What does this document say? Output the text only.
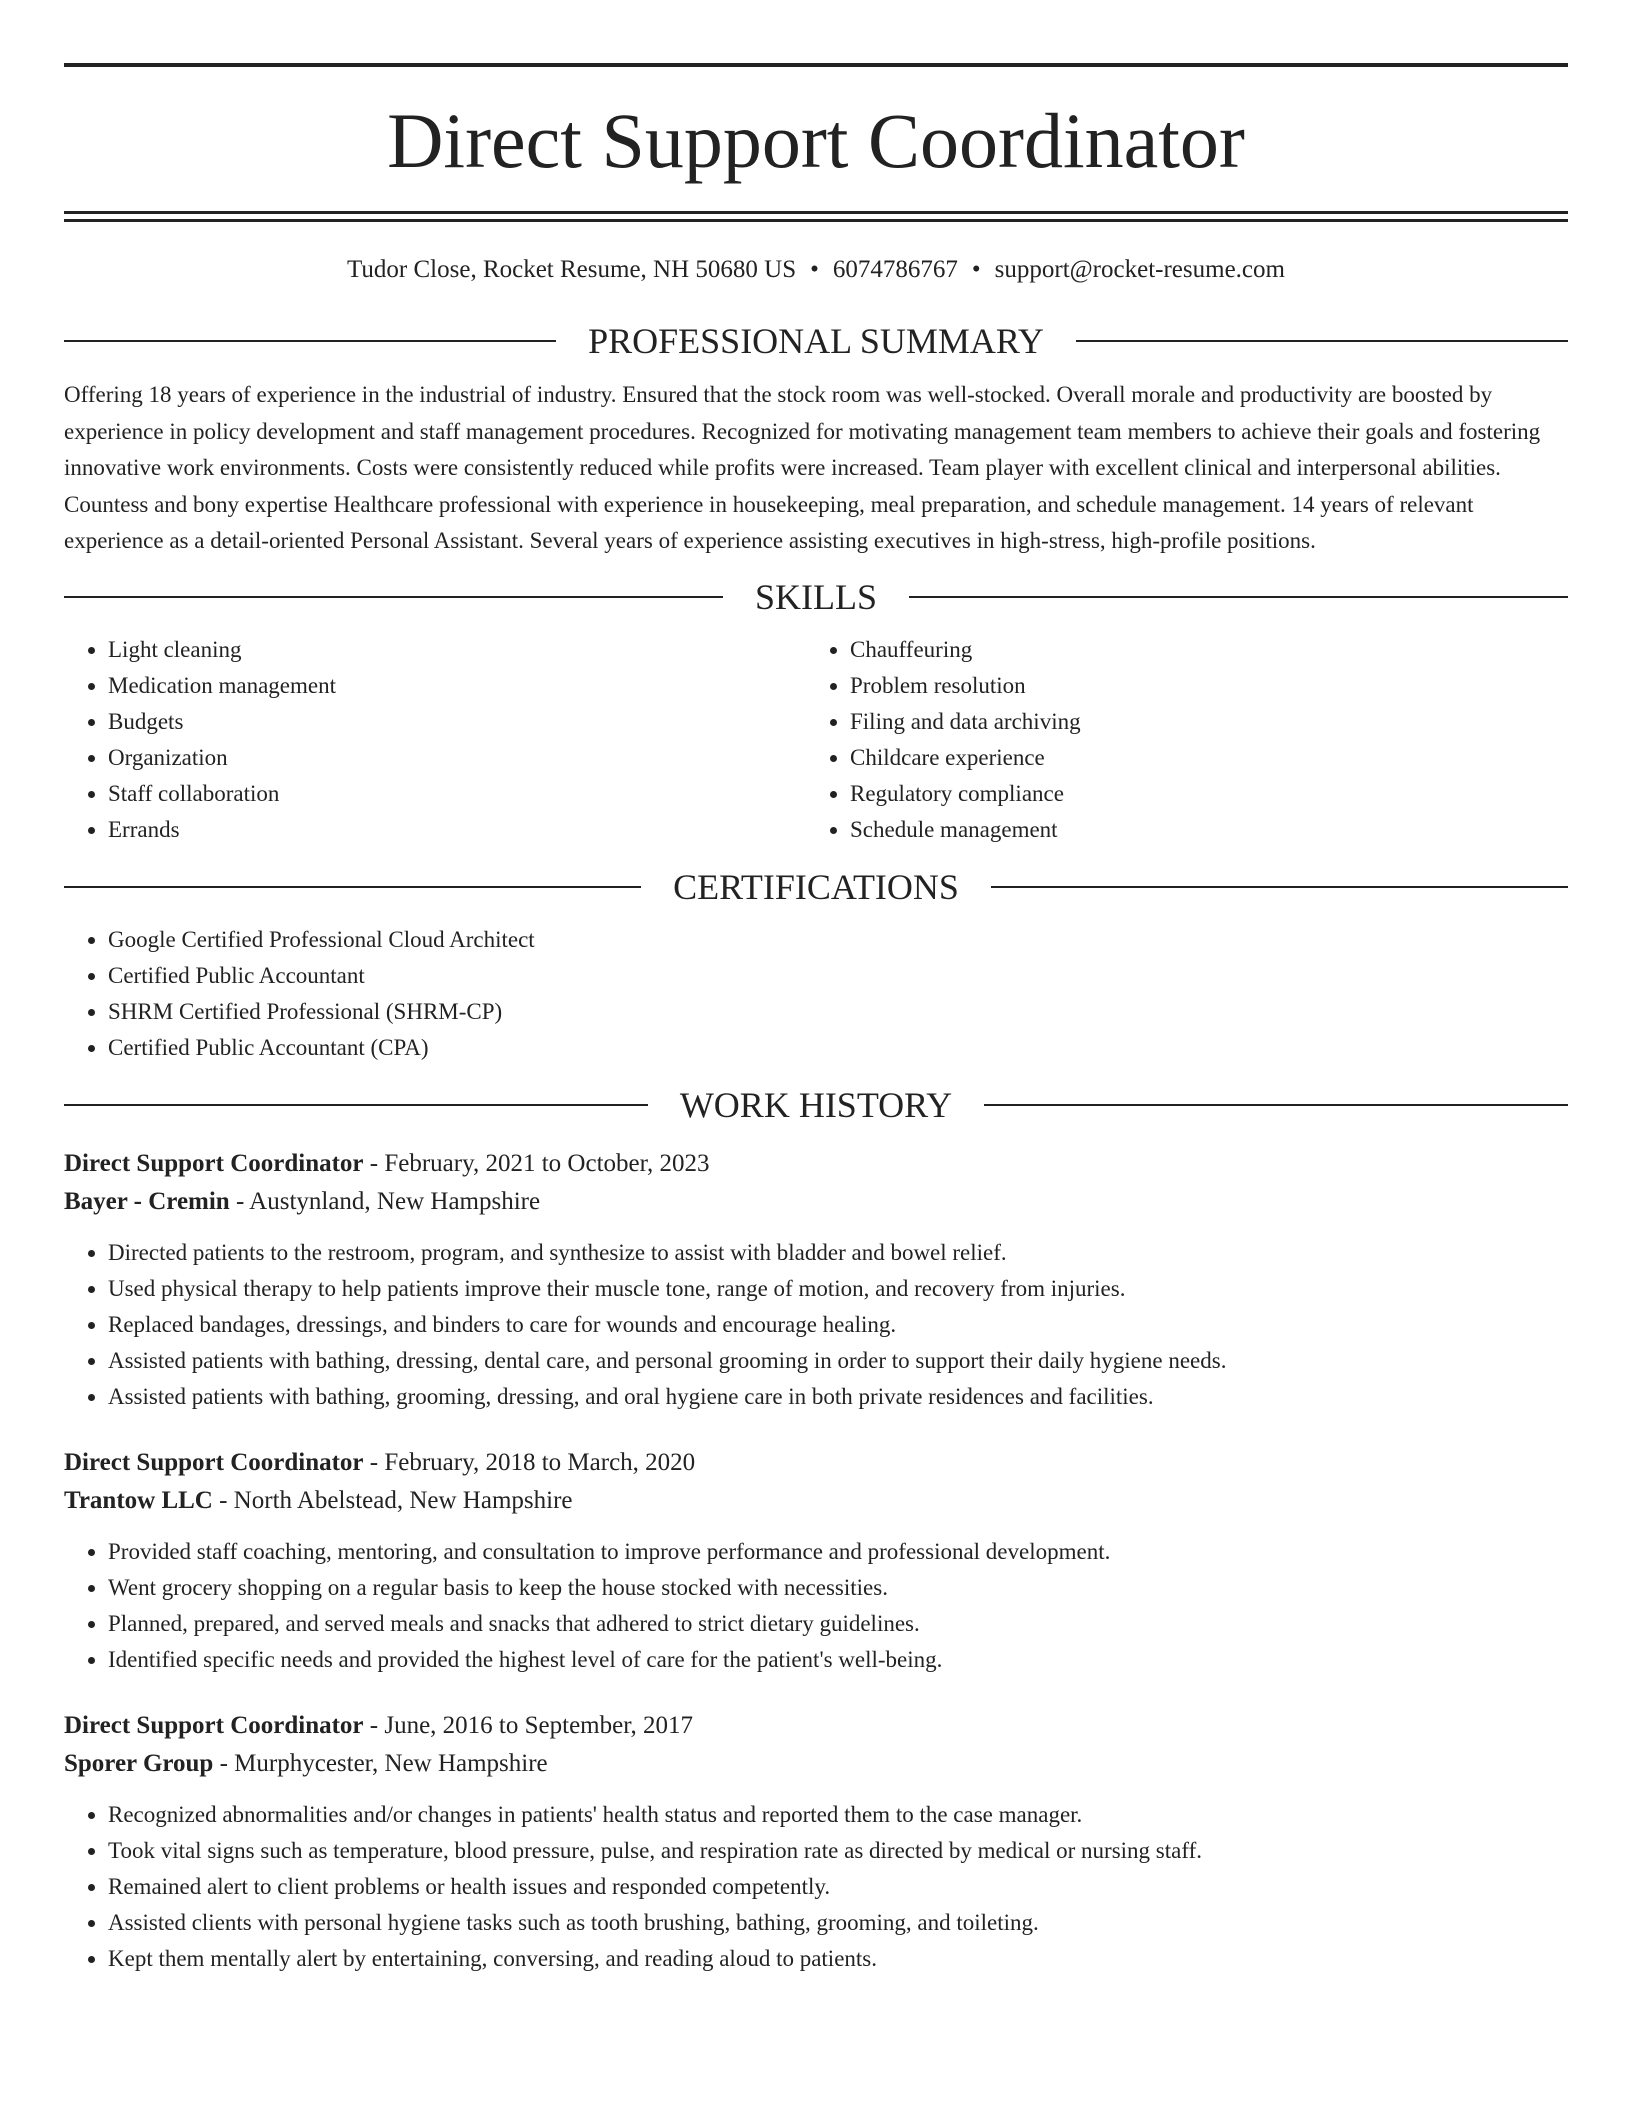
Direct Support Coordinator
Tudor Close, Rocket Resume, NH 50680 US • 6074786767 • support@rocket-resume.com
PROFESSIONAL SUMMARY

Offering 18 years of experience in the industrial of industry. Ensured that the stock room was well-stocked. Overall morale and productivity are boosted by experience in policy development and staff management procedures. Recognized for motivating management team members to achieve their goals and fostering innovative work environments. Costs were consistently reduced while profits were increased. Team player with excellent clinical and interpersonal abilities. Countess and bony expertise Healthcare professional with experience in housekeeping, meal preparation, and schedule management. 14 years of relevant experience as a detail-oriented Personal Assistant. Several years of experience assisting executives in high-stress, high-profile positions.

SKILLS
• Light cleaning
• Medication management
• Budgets
• Organization
• Staff collaboration
• Errands
• Chauffeuring
• Problem resolution
• Filing and data archiving
• Childcare experience
• Regulatory compliance
• Schedule management
CERTIFICATIONS
• Google Certified Professional Cloud Architect
• Certified Public Accountant
• SHRM Certified Professional (SHRM-CP)
• Certified Public Accountant (CPA)
WORK HISTORY
Direct Support Coordinator - February, 2021 to October, 2023
Bayer - Cremin - Austynland, New Hampshire
• Directed patients to the restroom, program, and synthesize to assist with bladder and bowel relief.
• Used physical therapy to help patients improve their muscle tone, range of motion, and recovery from injuries.
• Replaced bandages, dressings, and binders to care for wounds and encourage healing.
• Assisted patients with bathing, dressing, dental care, and personal grooming in order to support their daily hygiene needs.
• Assisted patients with bathing, grooming, dressing, and oral hygiene care in both private residences and facilities.
Direct Support Coordinator - February, 2018 to March, 2020
Trantow LLC - North Abelstead, New Hampshire
• Provided staff coaching, mentoring, and consultation to improve performance and professional development.
• Went grocery shopping on a regular basis to keep the house stocked with necessities.
• Planned, prepared, and served meals and snacks that adhered to strict dietary guidelines.
• Identified specific needs and provided the highest level of care for the patient's well-being.
Direct Support Coordinator - June, 2016 to September, 2017
Sporer Group - Murphycester, New Hampshire
• Recognized abnormalities and/or changes in patients' health status and reported them to the case manager.
• Took vital signs such as temperature, blood pressure, pulse, and respiration rate as directed by medical or nursing staff.
• Remained alert to client problems or health issues and responded competently.
• Assisted clients with personal hygiene tasks such as tooth brushing, bathing, grooming, and toileting.
• Kept them mentally alert by entertaining, conversing, and reading aloud to patients.
